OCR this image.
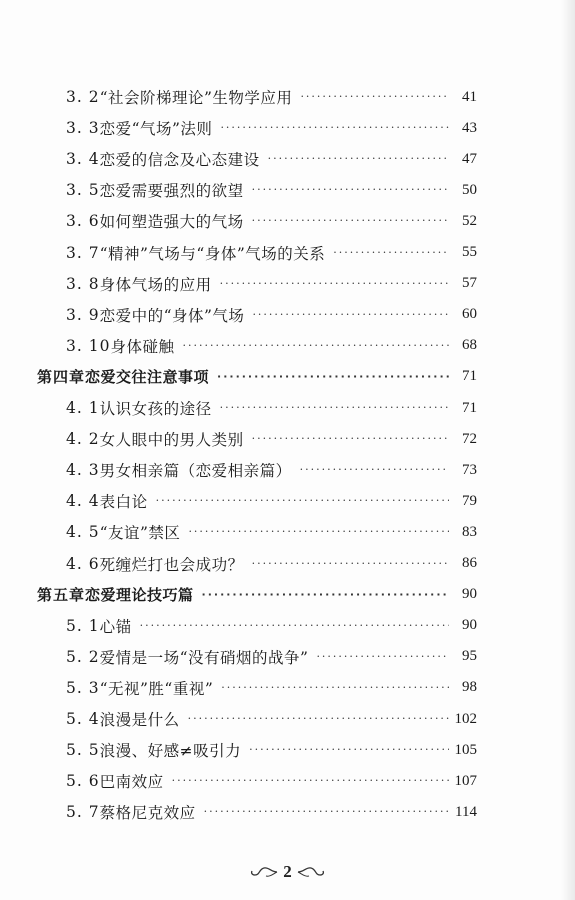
3. 2 “社会阶梯理论”生物学应用 ·····	41
3. 3 恋爱“气场”法则 ·····	43
3. 4 恋爱的信念及心态建设 ·····	47
3. 5 恋爱需要强烈的欲望 ·····	50
3. 6 如何塑造强大的气场 ·····	52
3. 7 “精神”气场与“身体”气场的关系 ·····	55
3. 8 身体气场的应用 ·····	57
3. 9 恋爱中的“身体”气场 ·····	60
3. 10 身体碰触 ·····	68
第四章 恋爱交往注意事项 ·····	71
4. 1 认识女孩的途径 ·····	71
4. 2 女人眼中的男人类别 ·····	72
4. 3 男女相亲篇（恋爱相亲篇） ·····	73
4. 4 表白论 ·····	79
4. 5 “友谊”禁区 ·····	83
4. 6 死缠烂打也会成功？ ·····	86
第五章 恋爱理论技巧篇 ·····	90
5. 1 心锚 ·····	90
5. 2 爱情是一场“没有硝烟的战争” ·····	95
5. 3 “无视”胜“重视” ·····	98
5. 4 浪漫是什么 ·····	102
5. 5 浪漫、好感≠吸引力 ·····	105
5. 6 巴南效应 ·····	107
5. 7 蔡格尼克效应 ·····	114
2
